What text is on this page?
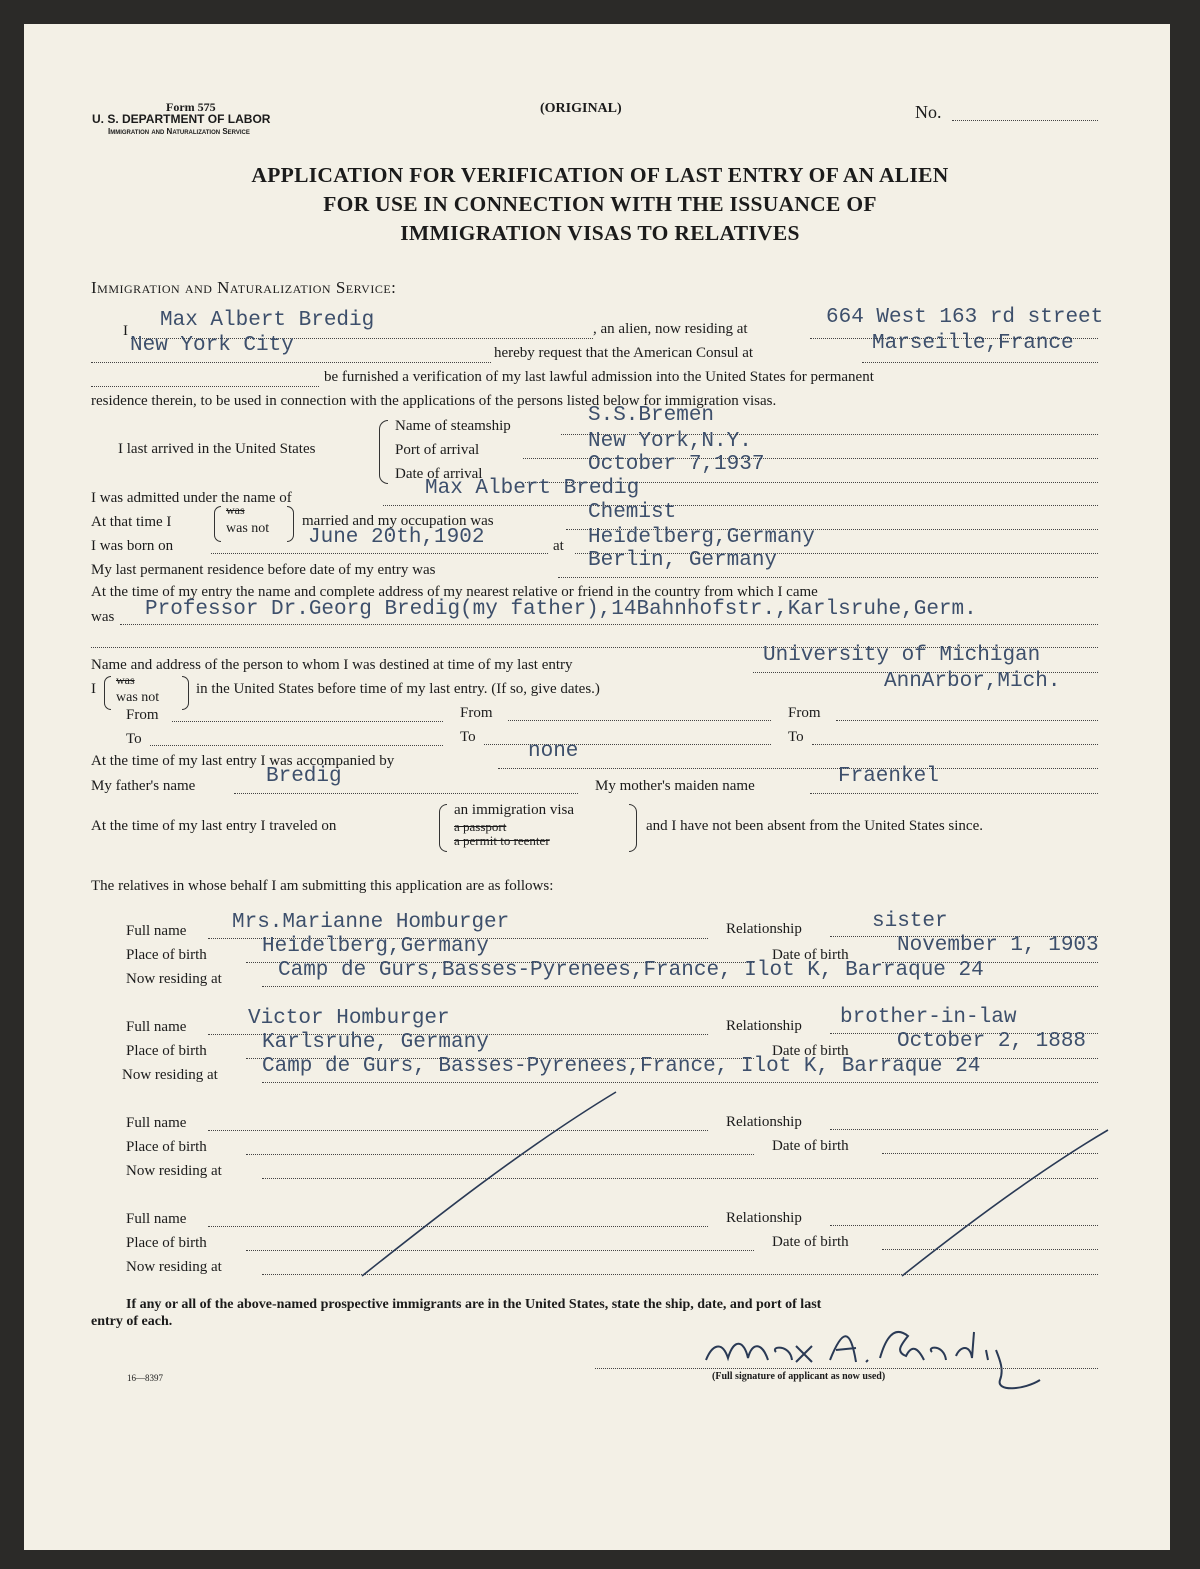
Form 575
U. S. DEPARTMENT OF LABOR
Immigration and Naturalization Service
(ORIGINAL)	No.
APPLICATION FOR VERIFICATION OF LAST ENTRY OF AN ALIEN
FOR USE IN CONNECTION WITH THE ISSUANCE OF
IMMIGRATION VISAS TO RELATIVES
Immigration and Naturalization Service:
I Max Albert Bredig	, an alien, now residing at	664 West 163 rd street
New York City	hereby request that the American Consul at	Marseille,France
be furnished a verification of my last lawful admission into the United States for permanent
residence therein, to be used in connection with the applications of the persons listed below for immigration visas.
I last arrived in the United States
Name of steamship	S.S.Bremen
Port of arrival	New York,N.Y.
Date of arrival	October 7,1937
I was admitted under the name of	Max Albert Bredig
At that time I
was
was not married and my occupation was	Chemist
I was born on	June 20th,1902	at Heidelberg,Germany
My last permanent residence before date of my entry was	Berlin, Germany
At the time of my entry the name and complete address of my nearest relative or friend in the country from which I came
was Professor Dr.Georg Bredig(my father),14Bahnhofstr.,Karlsruhe,Germ.
Name and address of the person to whom I was destined at time of my last entry	University of Michigan
AnnArbor,Mich.
I
was
was not
in the United States before time of my last entry. (If so, give dates.)
From	From	From
To	To	To
At the time of my last entry I was accompanied by	none
My father's name	Bredig	My mother's maiden name	Fraenkel
At the time of my last entry I traveled on
an immigration visa
a passport
a permit to reenter
and I have not been absent from the United States since.
The relatives in whose behalf I am submitting this application are as follows:
Full name Mrs.Marianne Homburger	Relationship	sister
Place of birth	Heidelberg,Germany	Date of birth November 1, 1903
Now residing at	Camp de Gurs,Basses-Pyrenees,France, Ilot K, Barraque 24
Full name	Victor Homburger	Relationship brother-in-law
Place of birth	Karlsruhe, Germany	Date of birth October 2, 1888
Now residing at Camp de Gurs, Basses-Pyrenees,France, Ilot K, Barraque 24
Full name	Relationship
Place of birth	Date of birth
Now residing at
Full name	Relationship
Place of birth	Date of birth
Now residing at
If any or all of the above-named prospective immigrants are in the United States, state the ship, date, and port of last
entry of each.
(Full signature of applicant as now used)
16—8397
